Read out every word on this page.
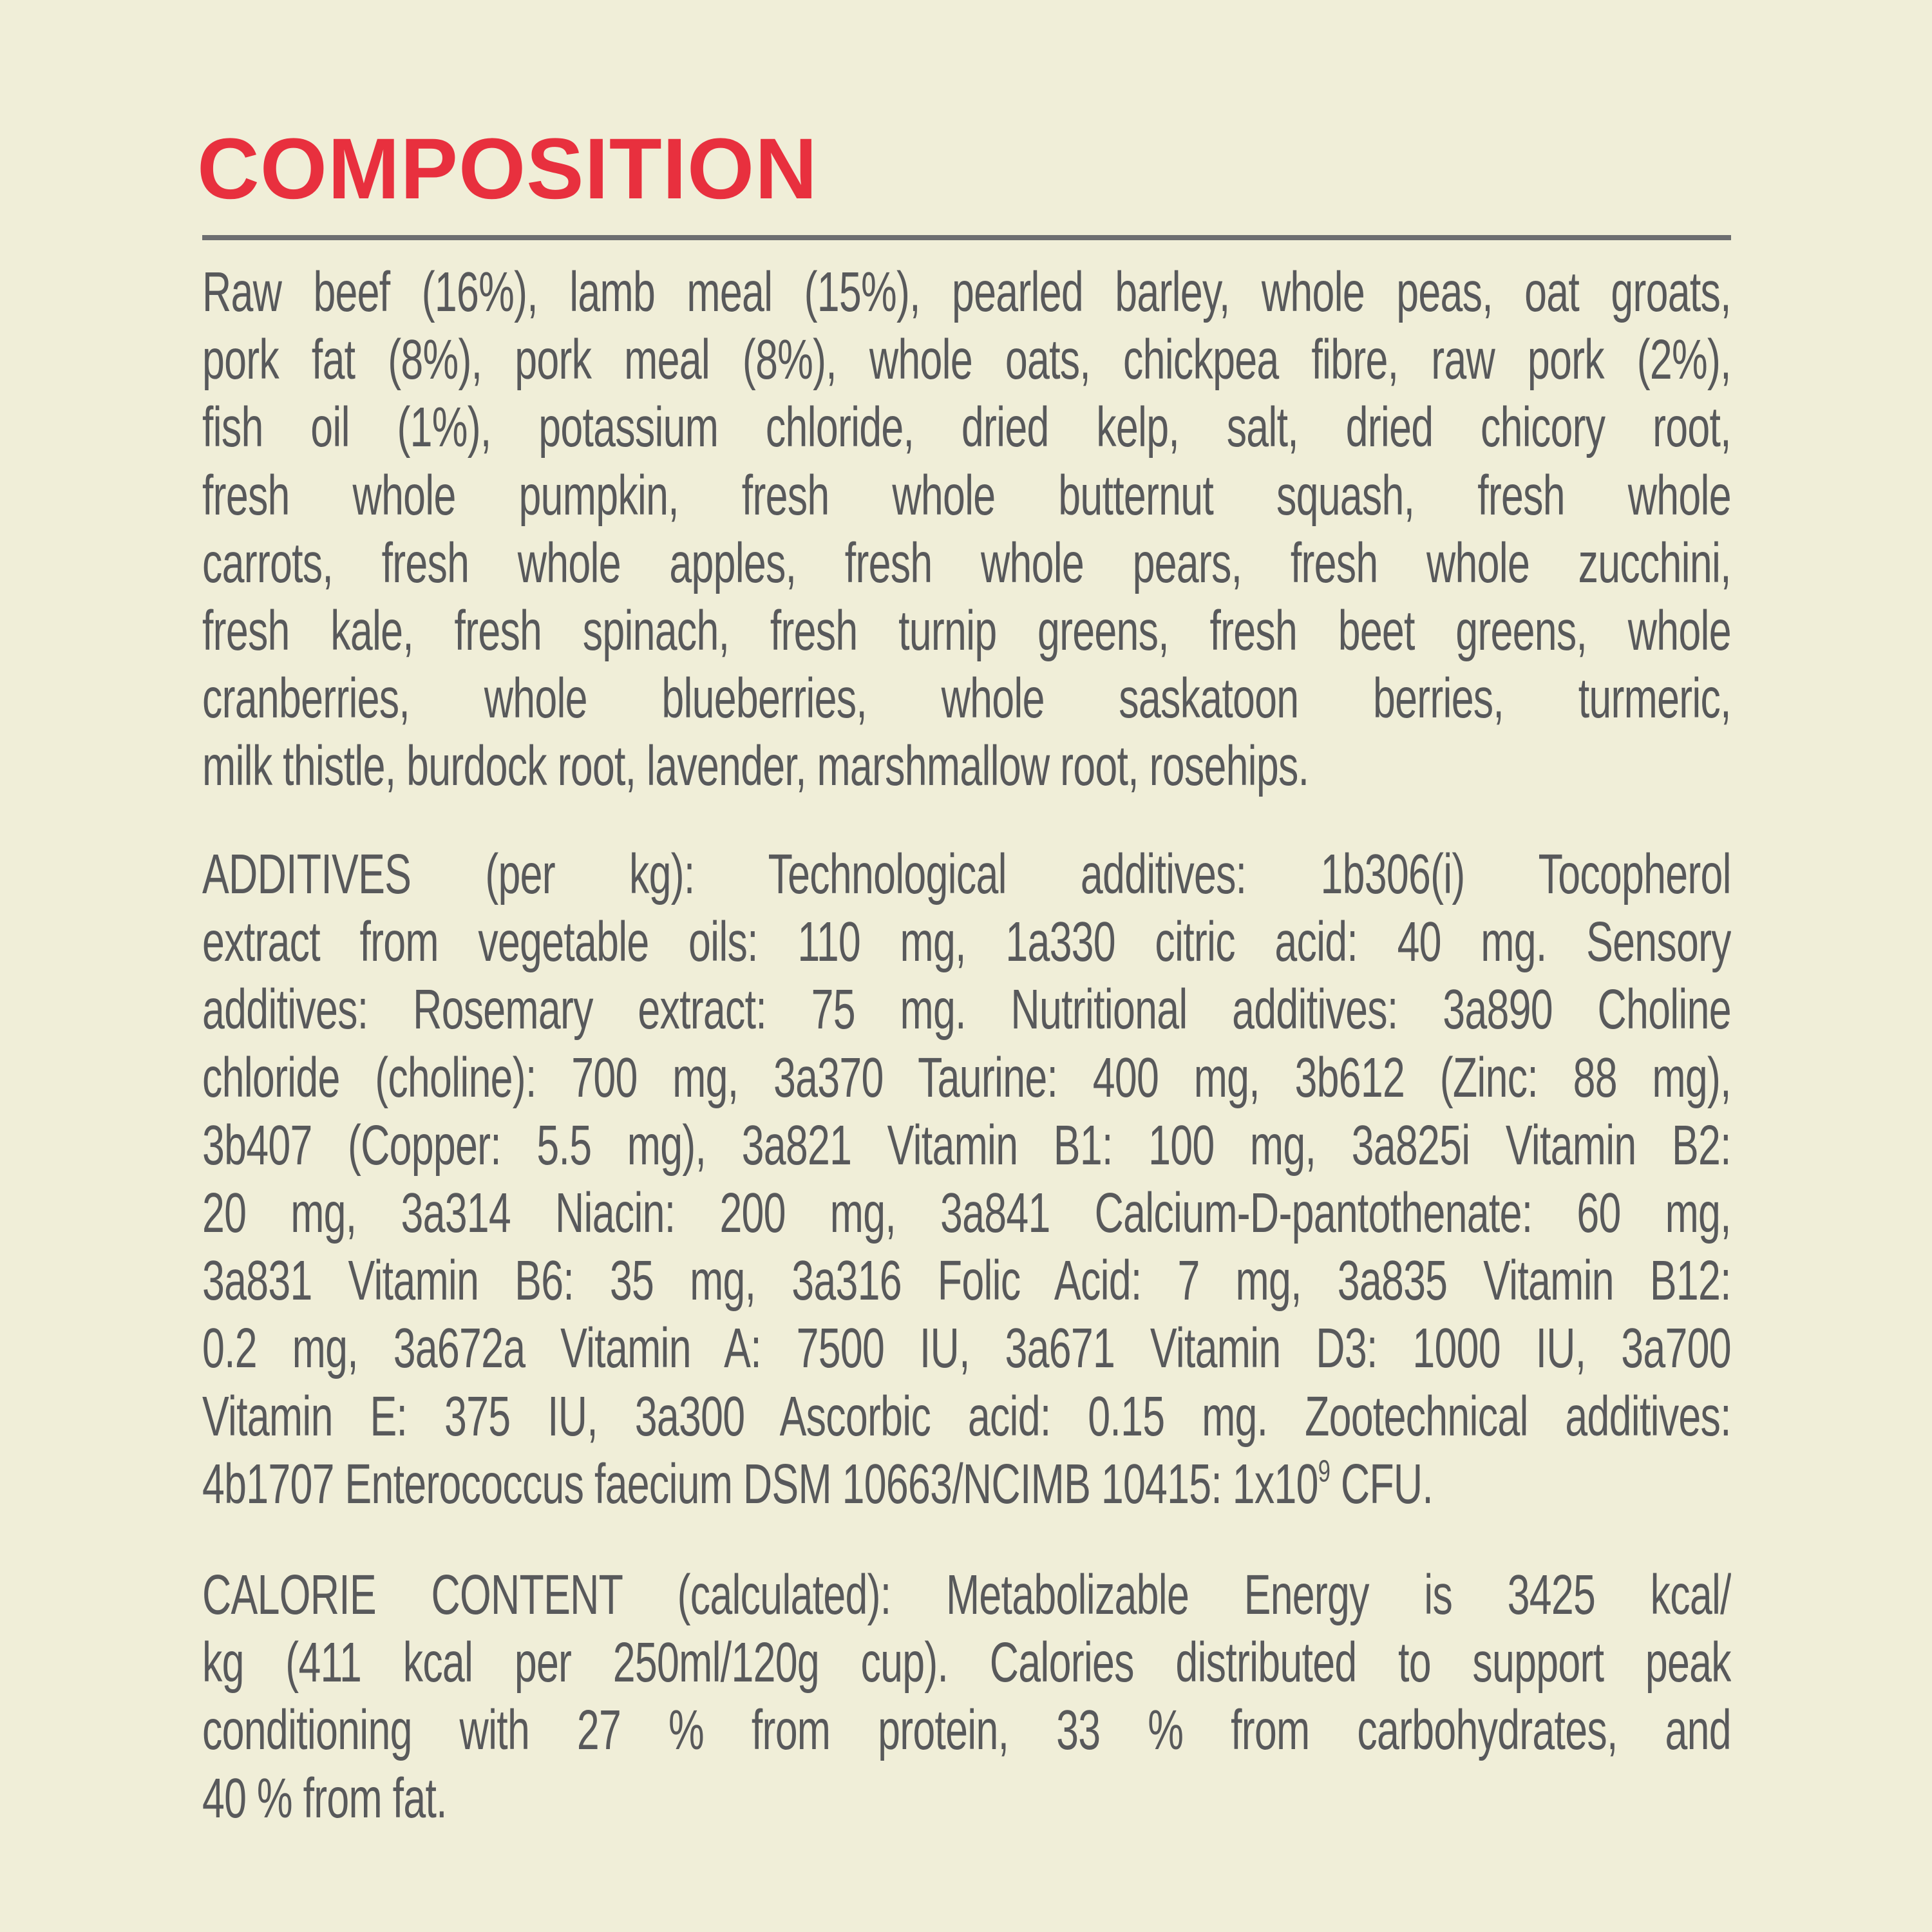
COMPOSITION
Raw beef (16%), lamb meal (15%), pearled barley, whole peas, oat groats,
pork fat (8%), pork meal (8%), whole oats, chickpea fibre, raw pork (2%),
fish oil (1%), potassium chloride, dried kelp, salt, dried chicory root,
fresh whole pumpkin, fresh whole butternut squash, fresh whole
carrots, fresh whole apples, fresh whole pears, fresh whole zucchini,
fresh kale, fresh spinach, fresh turnip greens, fresh beet greens, whole
cranberries, whole blueberries, whole saskatoon berries, turmeric,
milk thistle, burdock root, lavender, marshmallow root, rosehips.
ADDITIVES (per kg): Technological additives: 1b306(i) Tocopherol
extract from vegetable oils: 110 mg, 1a330 citric acid: 40 mg. Sensory
additives: Rosemary extract: 75 mg. Nutritional additives: 3a890 Choline
chloride (choline): 700 mg, 3a370 Taurine: 400 mg, 3b612 (Zinc: 88 mg),
3b407 (Copper: 5.5 mg), 3a821 Vitamin B1: 100 mg, 3a825i Vitamin B2:
20 mg, 3a314 Niacin: 200 mg, 3a841 Calcium-D-pantothenate: 60 mg,
3a831 Vitamin B6: 35 mg, 3a316 Folic Acid: 7 mg, 3a835 Vitamin B12:
0.2 mg, 3a672a Vitamin A: 7500 IU, 3a671 Vitamin D3: 1000 IU, 3a700
Vitamin E: 375 IU, 3a300 Ascorbic acid: 0.15 mg. Zootechnical additives:
4b1707 Enterococcus faecium DSM 10663/NCIMB 10415: $1x10^9$ CFU.
CALORIE CONTENT (calculated): Metabolizable Energy is 3425 kcal/
kg (411 kcal per 250ml/120g cup). Calories distributed to support peak
conditioning with 27 % from protein, 33 % from carbohydrates, and
40 % from fat.
